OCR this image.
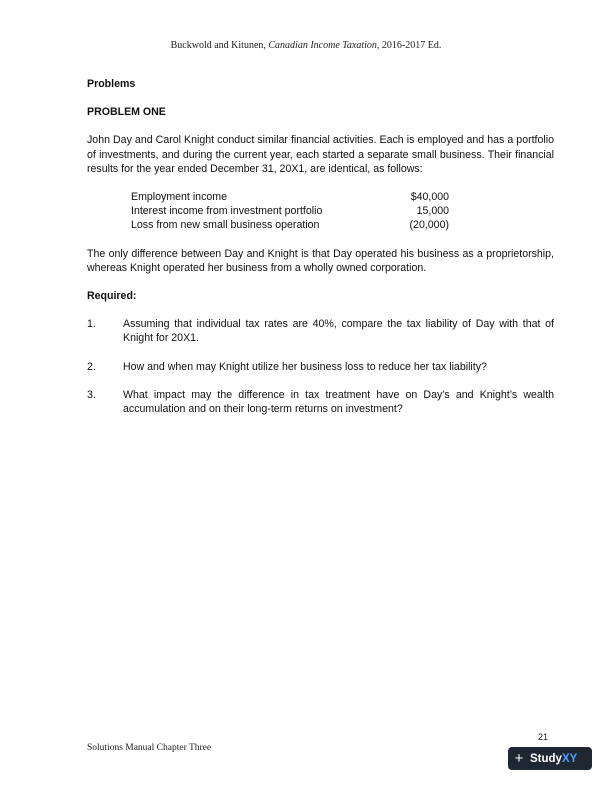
Buckwold and Kitunen, Canadian Income Taxation, 2016-2017 Ed.

Problems

PROBLEM ONE

John Day and Carol Knight conduct similar financial activities. Each is employed and has a portfolio of investments, and during the current year, each started a separate small business. Their financial results for the year ended December 31, 20X1, are identical, as follows:

Employment income	$40,000
Interest income from investment portfolio	15,000
Loss from new small business operation	(20,000)

The only difference between Day and Knight is that Day operated his business as a proprietorship, whereas Knight operated her business from a wholly owned corporation.

Required:

1.	Assuming that individual tax rates are 40%, compare the tax liability of Day with that of Knight for 20X1.
2.	How and when may Knight utilize her business loss to reduce her tax liability?
3.	What impact may the difference in tax treatment have on Day’s and Knight’s wealth accumulation and on their long-term returns on investment?
Solutions Manual Chapter Three
21
+ Study XY
